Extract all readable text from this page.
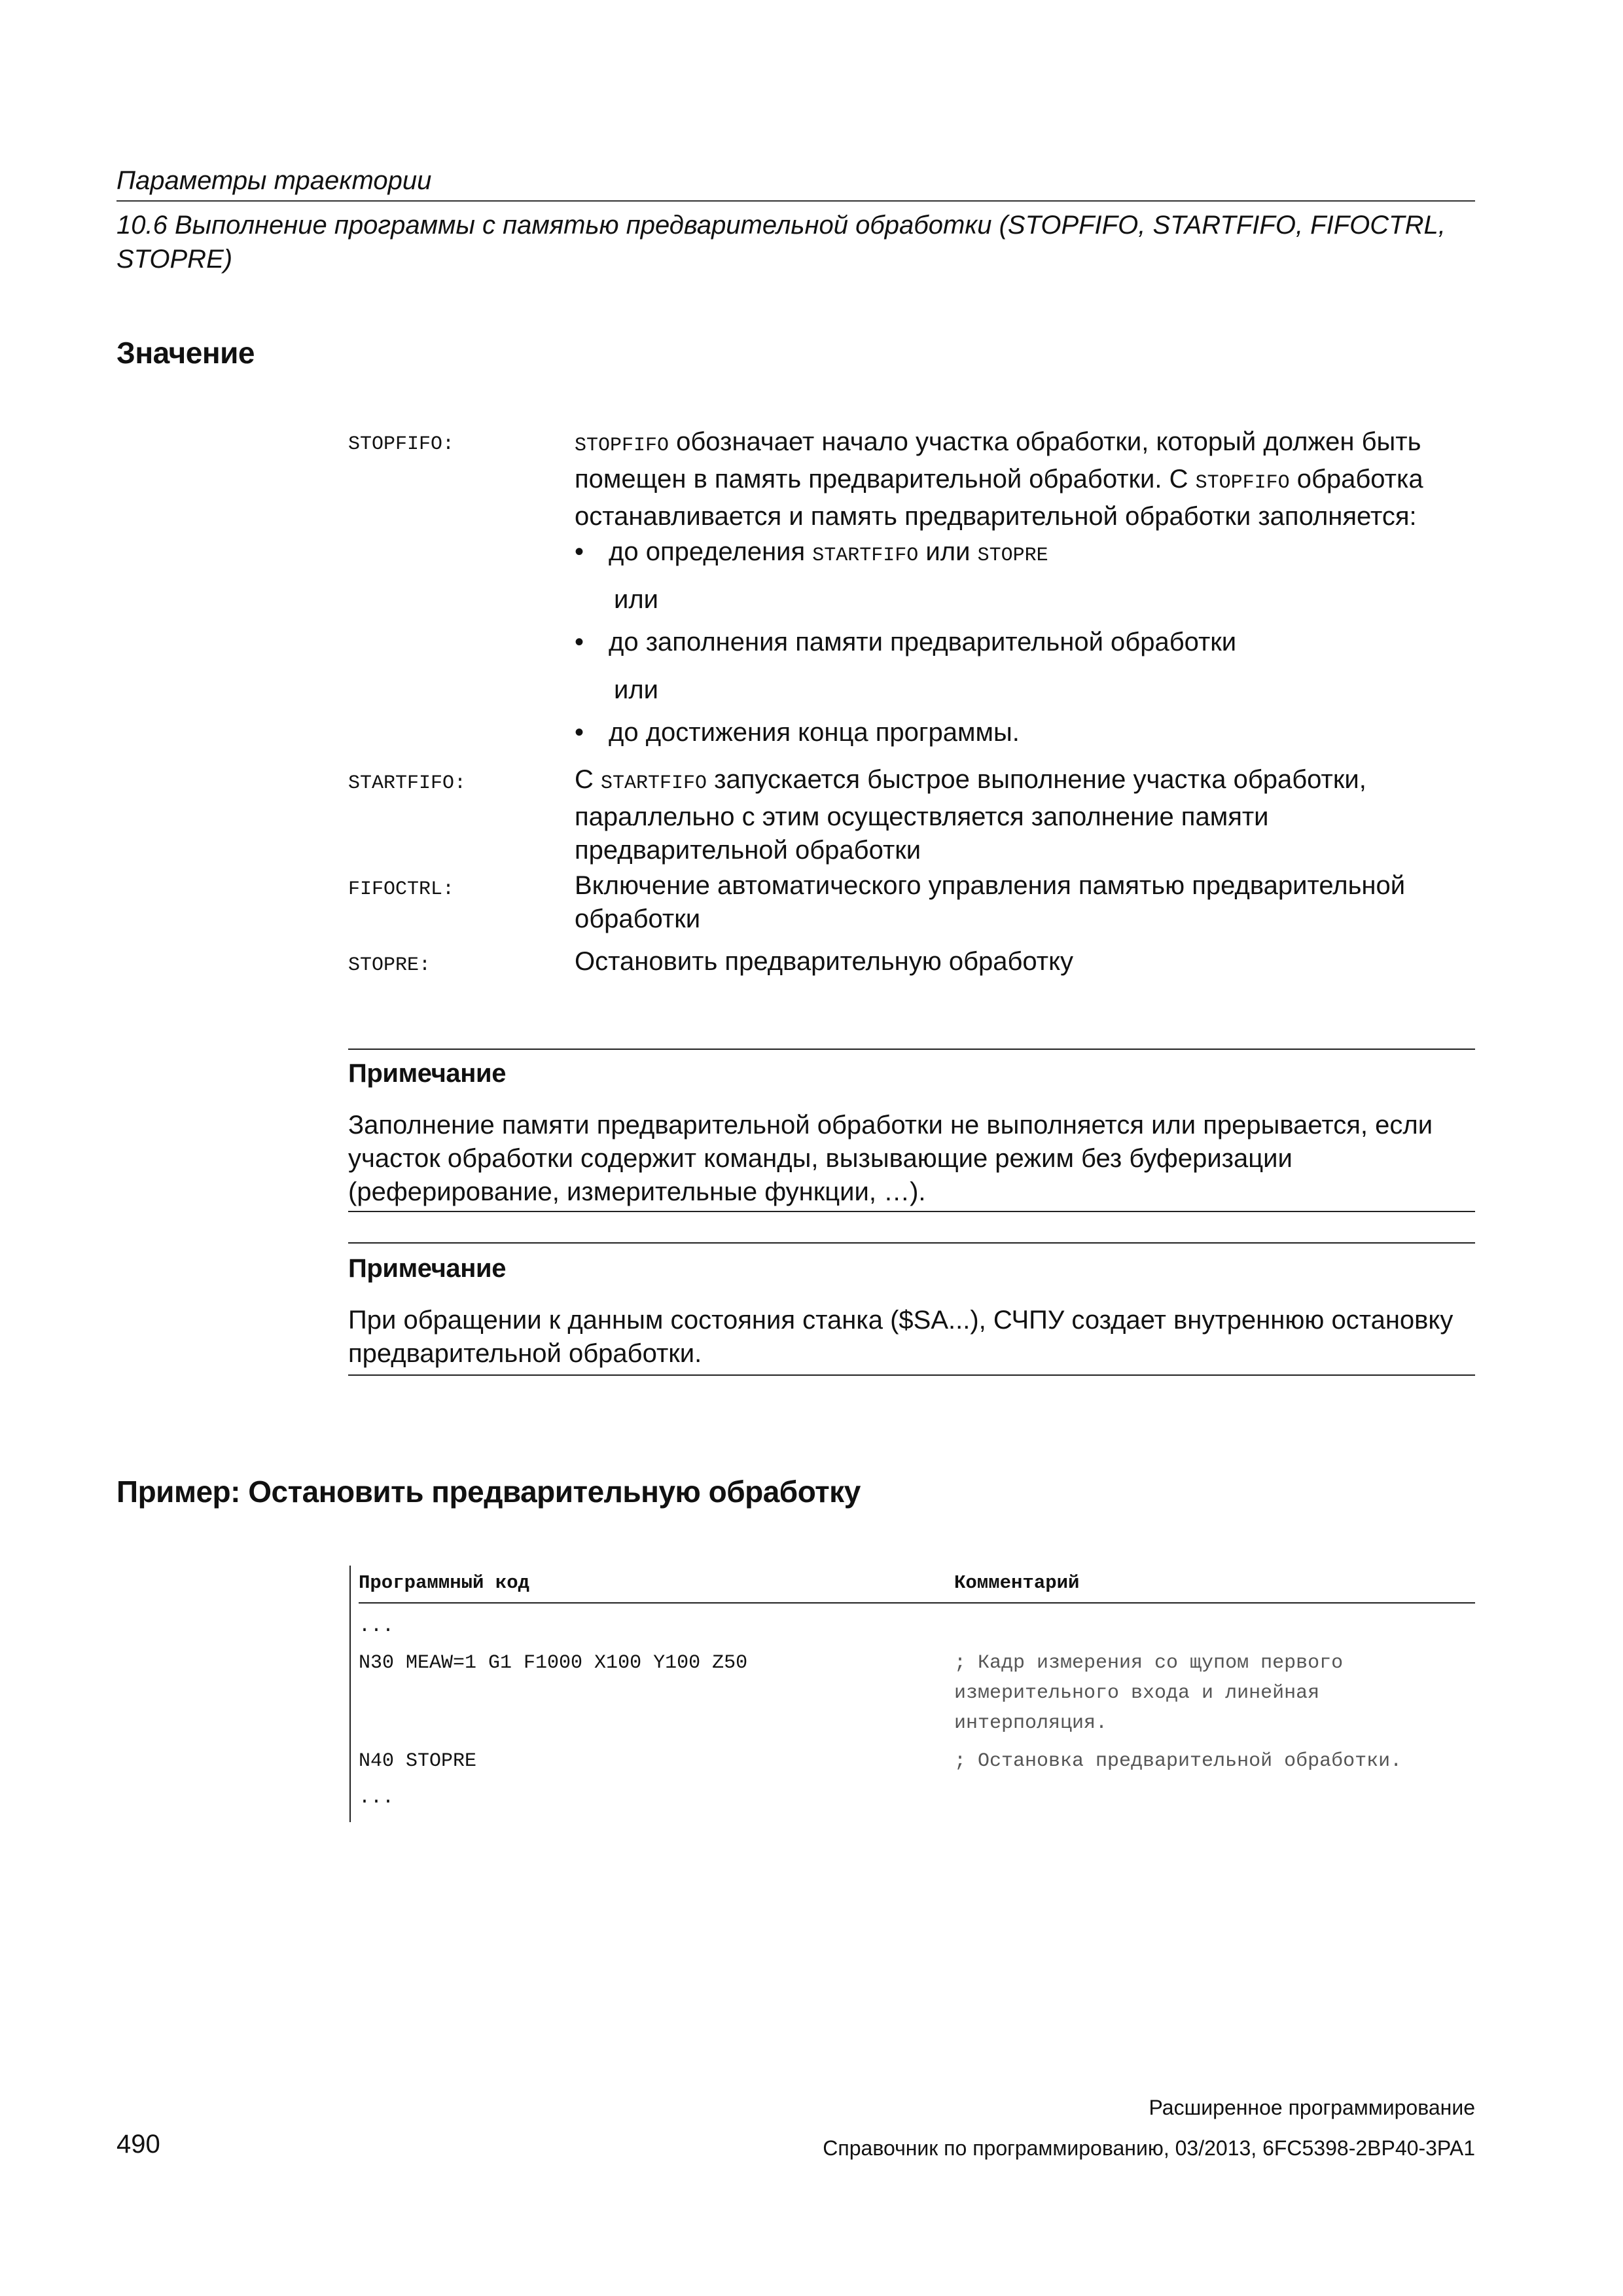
Параметры траектории
10.6 Выполнение программы с памятью предварительной обработки (STOPFIFO, STARTFIFO, FIFOCTRL, STOPRE)
Значение
STOPFIFO:	STOPFIFO обозначает начало участка обработки, который должен быть помещен в память предварительной обработки. С STOPFIFO обработка останавливается и память предварительной обработки заполняется:
• до определения STARTFIFO или STOPRE
или
• до заполнения памяти предварительной обработки
или
• до достижения конца программы.
STARTFIFO:	С STARTFIFO запускается быстрое выполнение участка обработки, параллельно с этим осуществляется заполнение памяти предварительной обработки
FIFOCTRL:	Включение автоматического управления памятью предварительной обработки
STOPRE:	Остановить предварительную обработку
Примечание
Заполнение памяти предварительной обработки не выполняется или прерывается, если участок обработки содержит команды, вызывающие режим без буферизации (реферирование, измерительные функции, …).
Примечание
При обращении к данным состояния станка ($SA...), СЧПУ создает внутреннюю остановку предварительной обработки.
Пример: Остановить предварительную обработку
Программный код	Комментарий
...
N30 MEAW=1 G1 F1000 X100 Y100 Z50	; Кадр измерения со щупом первого измерительного входа и линейная интерполяция.
N40 STOPRE	; Остановка предварительной обработки.
...
Расширенное программирование
490	Справочник по программированию, 03/2013, 6FC5398-2BP40-3PA1
